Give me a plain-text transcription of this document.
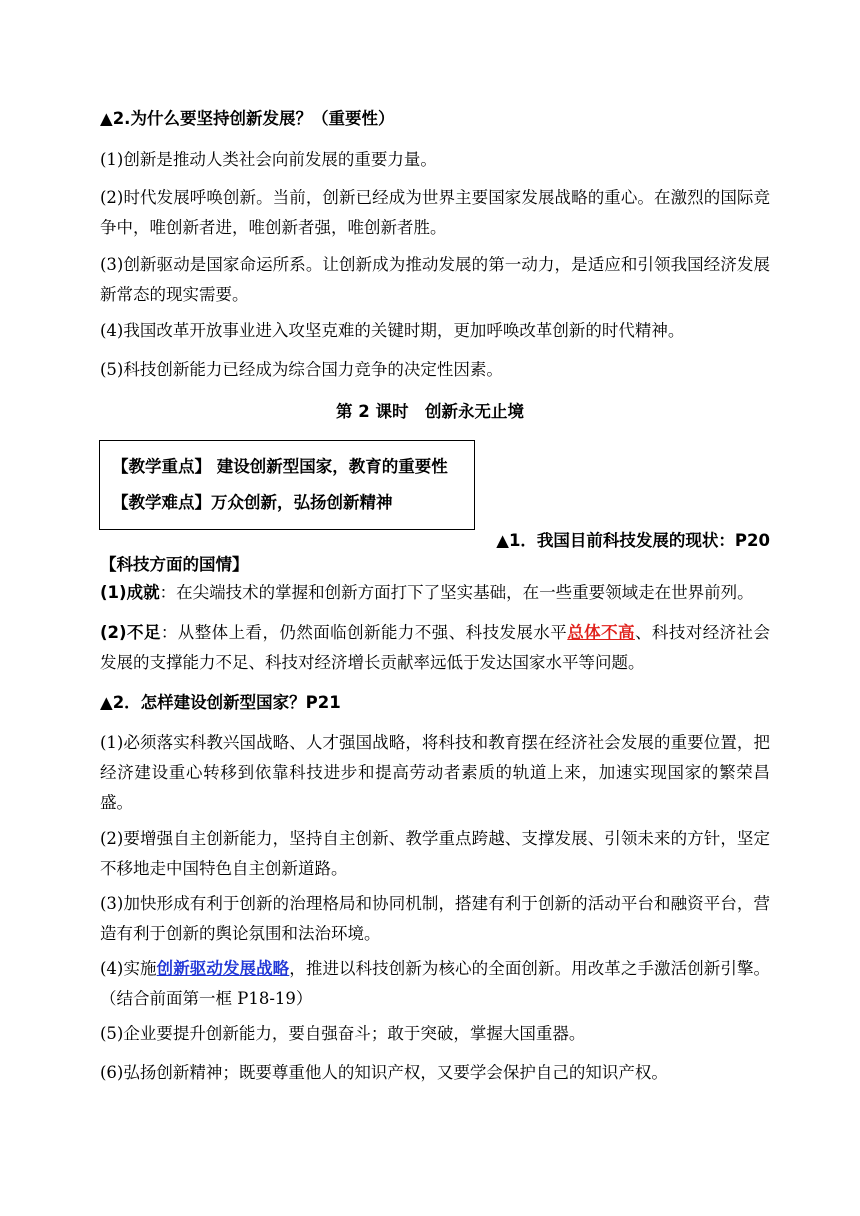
▲2.为什么要坚持创新发展？（重要性）
(1)创新是推动人类社会向前发展的重要力量。
(2)时代发展呼唤创新。当前，创新已经成为世界主要国家发展战略的重心。在激烈的国际竞争中，唯创新者进，唯创新者强，唯创新者胜。
(3)创新驱动是国家命运所系。让创新成为推动发展的第一动力，是适应和引领我国经济发展新常态的现实需要。
(4)我国改革开放事业进入攻坚克难的关键时期，更加呼唤改革创新的时代精神。
(5)科技创新能力已经成为综合国力竞争的决定性因素。
第 2 课时　创新永无止境
【教学重点】 建设创新型国家，教育的重要性
【教学难点】万众创新，弘扬创新精神
▲1．我国目前科技发展的现状：P20
【科技方面的国情】
(1)成就：在尖端技术的掌握和创新方面打下了坚实基础，在一些重要领域走在世界前列。
(2)不足：从整体上看，仍然面临创新能力不强、科技发展水平总体不高、科技对经济社会发展的支撑能力不足、科技对经济增长贡献率远低于发达国家水平等问题。
▲2．怎样建设创新型国家？P21
(1)必须落实科教兴国战略、人才强国战略，将科技和教育摆在经济社会发展的重要位置，把经济建设重心转移到依靠科技进步和提高劳动者素质的轨道上来，加速实现国家的繁荣昌盛。
(2)要增强自主创新能力，坚持自主创新、教学重点跨越、支撑发展、引领未来的方针，坚定不移地走中国特色自主创新道路。
(3)加快形成有利于创新的治理格局和协同机制，搭建有利于创新的活动平台和融资平台，营造有利于创新的舆论氛围和法治环境。
(4)实施创新驱动发展战略，推进以科技创新为核心的全面创新。用改革之手激活创新引擎。（结合前面第一框 P18-19）
(5)企业要提升创新能力，要自强奋斗；敢于突破，掌握大国重器。
(6)弘扬创新精神；既要尊重他人的知识产权，又要学会保护自己的知识产权。
